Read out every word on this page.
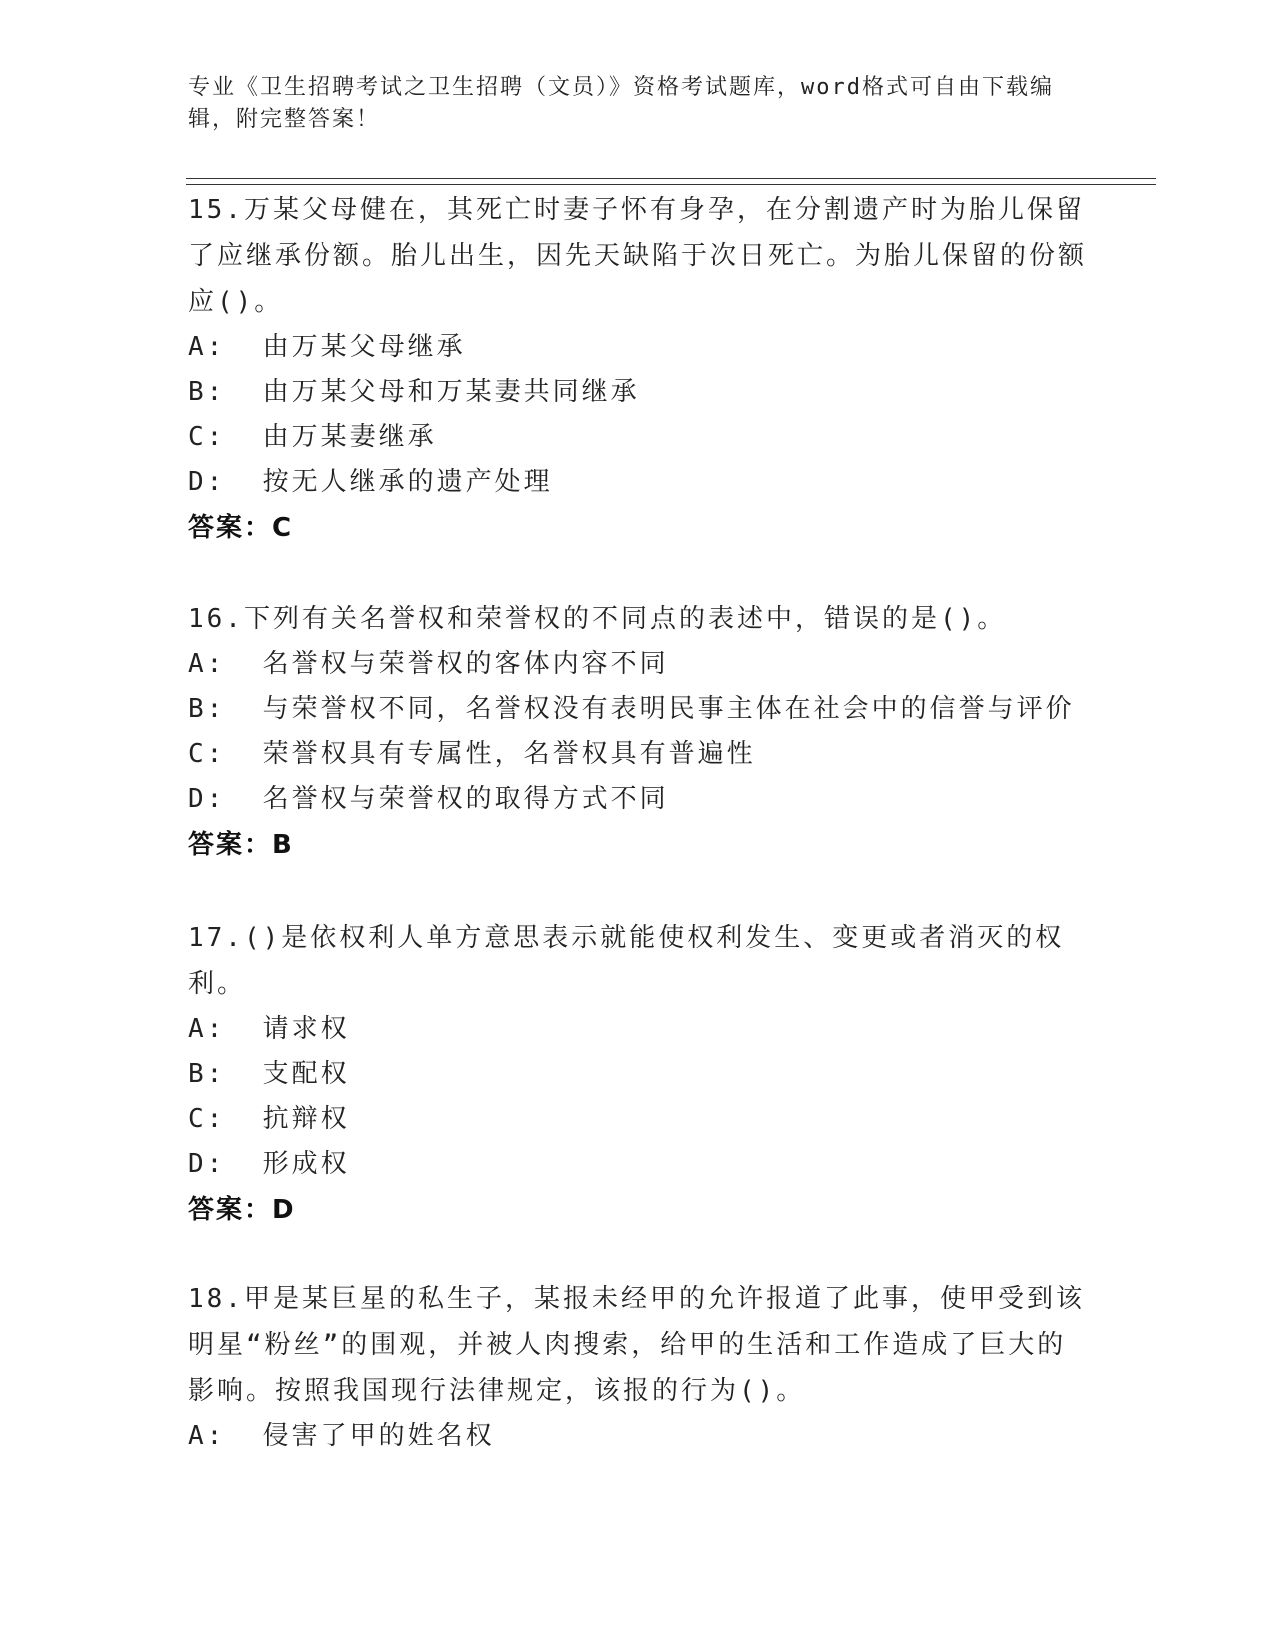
专业《卫生招聘考试之卫生招聘（文员）》资格考试题库，word格式可自由下载编辑，附完整答案！
15.万某父母健在，其死亡时妻子怀有身孕，在分割遗产时为胎儿保留了应继承份额。胎儿出生，因先天缺陷于次日死亡。为胎儿保留的份额应()。
A:  由万某父母继承
B:  由万某父母和万某妻共同继承
C:  由万某妻继承
D:  按无人继承的遗产处理
答案：C
16.下列有关名誉权和荣誉权的不同点的表述中，错误的是()。
A:  名誉权与荣誉权的客体内容不同
B:  与荣誉权不同，名誉权没有表明民事主体在社会中的信誉与评价
C:  荣誉权具有专属性，名誉权具有普遍性
D:  名誉权与荣誉权的取得方式不同
答案：B
17.()是依权利人单方意思表示就能使权利发生、变更或者消灭的权利。
A:  请求权
B:  支配权
C:  抗辩权
D:  形成权
答案：D
18.甲是某巨星的私生子，某报未经甲的允许报道了此事，使甲受到该明星“粉丝”的围观，并被人肉搜索，给甲的生活和工作造成了巨大的影响。按照我国现行法律规定，该报的行为()。
A:  侵害了甲的姓名权
